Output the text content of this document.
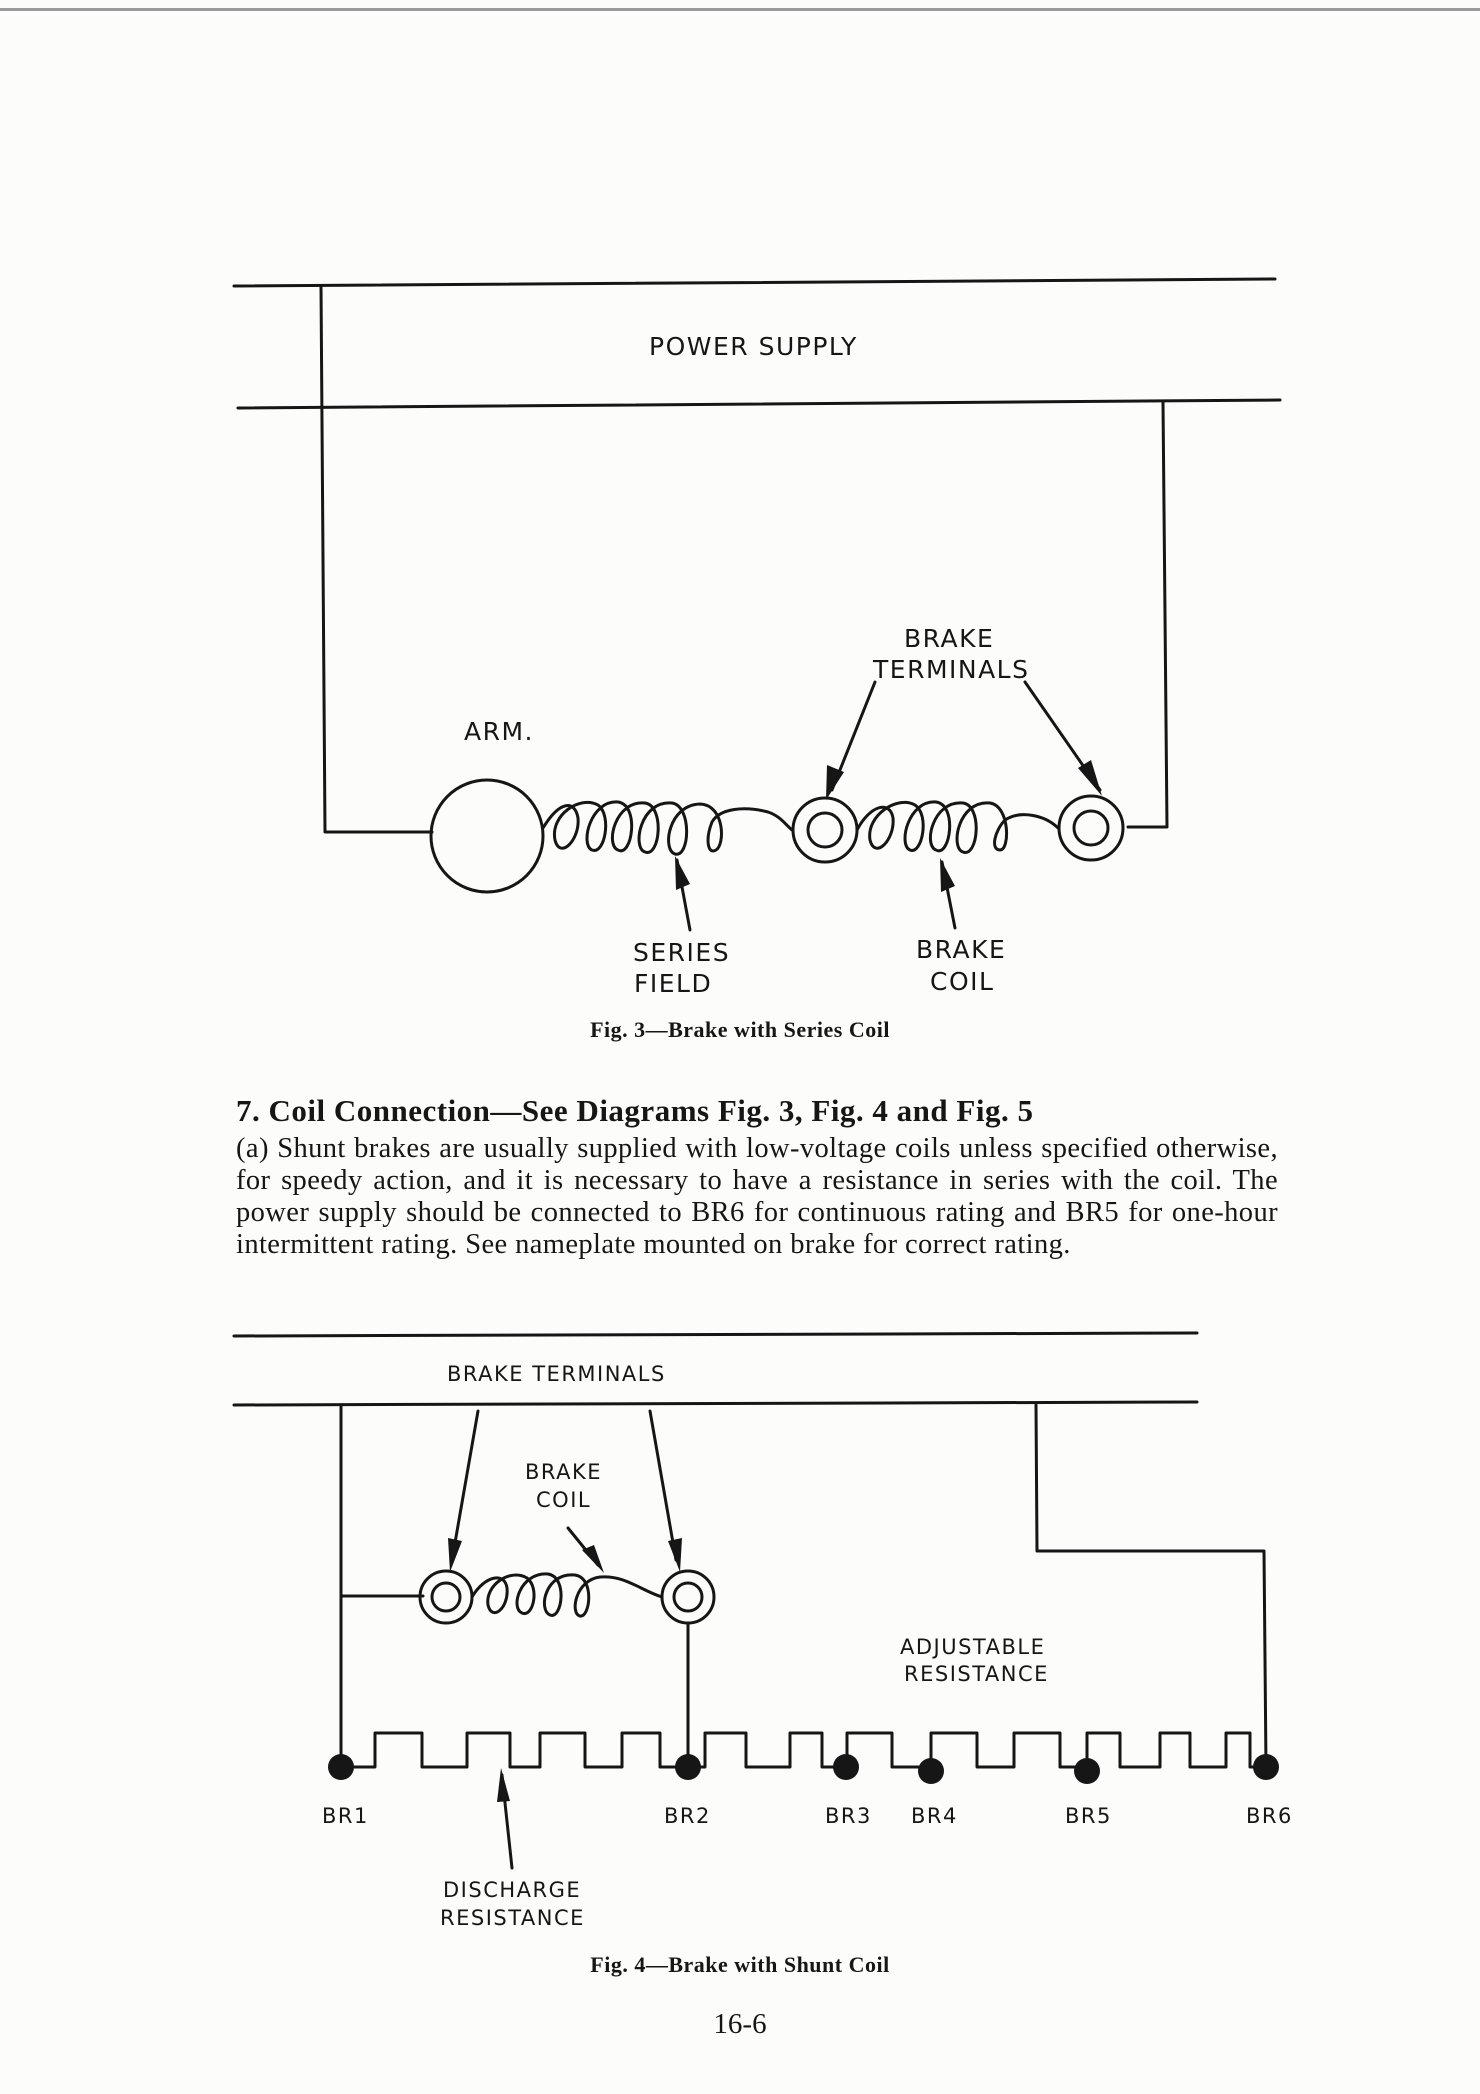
POWER SUPPLY
BRAKE
TERMINALS
ARM.
SERIES
FIELD
BRAKE
COIL
Fig. 3—Brake with Series Coil
7. Coil Connection—See Diagrams Fig. 3, Fig. 4 and Fig. 5
(a) Shunt brakes are usually supplied with low-voltage coils unless specified otherwise, for speedy action, and it is necessary to have a resistance in series with the coil. The power supply should be connected to BR6 for continuous rating and BR5 for one-hour intermittent rating. See nameplate mounted on brake for correct rating.
BRAKE TERMINALS
BRAKE
COIL
ADJUSTABLE
RESISTANCE
BR1	BR2	BR3 BR4	BR5	BR6
DISCHARGE
RESISTANCE
Fig. 4—Brake with Shunt Coil
16-6
